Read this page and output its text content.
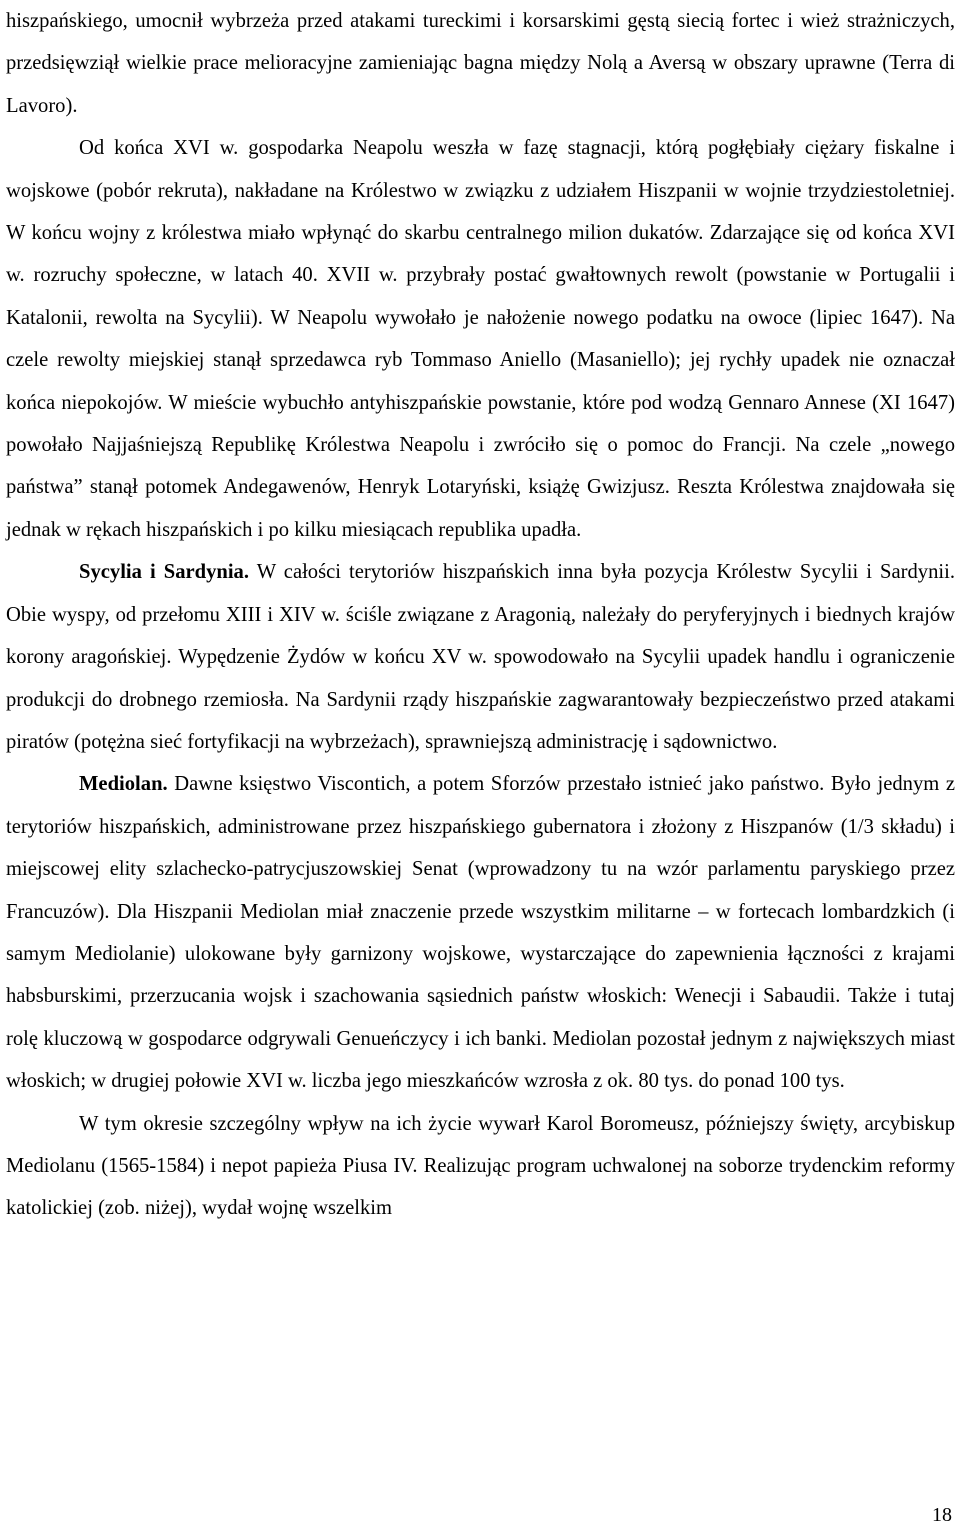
hiszpańskiego, umocnił wybrzeża przed atakami tureckimi i korsarskimi gęstą siecią fortec i wież strażniczych, przedsięwziął wielkie prace melioracyjne zamieniając bagna między Nolą a Aversą w obszary uprawne (Terra di Lavoro).

Od końca XVI w. gospodarka Neapolu weszła w fazę stagnacji, którą pogłębiały ciężary fiskalne i wojskowe (pobór rekruta), nakładane na Królestwo w związku z udziałem Hiszpanii w wojnie trzydziestoletniej. W końcu wojny z królestwa miało wpłynąć do skarbu centralnego milion dukatów. Zdarzające się od końca XVI w. rozruchy społeczne, w latach 40. XVII w. przybrały postać gwałtownych rewolt (powstanie w Portugalii i Katalonii, rewolta na Sycylii). W Neapolu wywołało je nałożenie nowego podatku na owoce (lipiec 1647). Na czele rewolty miejskiej stanął sprzedawca ryb Tommaso Aniello (Masaniello); jej rychły upadek nie oznaczał końca niepokojów. W mieście wybuchło antyhiszpańskie powstanie, które pod wodzą Gennaro Annese (XI 1647) powołało Najjaśniejszą Republikę Królestwa Neapolu i zwróciło się o pomoc do Francji. Na czele „nowego państwa” stanął potomek Andegawenów, Henryk Lotaryński, książę Gwizjusz. Reszta Królestwa znajdowała się jednak w rękach hiszpańskich i po kilku miesiącach republika upadła.

Sycylia i Sardynia. W całości terytoriów hiszpańskich inna była pozycja Królestw Sycylii i Sardynii. Obie wyspy, od przełomu XIII i XIV w. ściśle związane z Aragonią, należały do peryferyjnych i biednych krajów korony aragońskiej. Wypędzenie Żydów w końcu XV w. spowodowało na Sycylii upadek handlu i ograniczenie produkcji do drobnego rzemiosła. Na Sardynii rządy hiszpańskie zagwarantowały bezpieczeństwo przed atakami piratów (potężna sieć fortyfikacji na wybrzeżach), sprawniejszą administrację i sądownictwo.

Mediolan. Dawne księstwo Viscontich, a potem Sforzów przestało istnieć jako państwo. Było jednym z terytoriów hiszpańskich, administrowane przez hiszpańskiego gubernatora i złożony z Hiszpanów (1/3 składu) i miejscowej elity szlachecko-patrycjuszowskiej Senat (wprowadzony tu na wzór parlamentu paryskiego przez Francuzów). Dla Hiszpanii Mediolan miał znaczenie przede wszystkim militarne – w fortecach lombardzkich (i samym Mediolanie) ulokowane były garnizony wojskowe, wystarczające do zapewnienia łączności z krajami habsburskimi, przerzucania wojsk i szachowania sąsiednich państw włoskich: Wenecji i Sabaudii. Także i tutaj rolę kluczową w gospodarce odgrywali Genueńczycy i ich banki. Mediolan pozostał jednym z największych miast włoskich; w drugiej połowie XVI w. liczba jego mieszkańców wzrosła z ok. 80 tys. do ponad 100 tys.

W tym okresie szczególny wpływ na ich życie wywarł Karol Boromeusz, późniejszy święty, arcybiskup Mediolanu (1565-1584) i nepot papieża Piusa IV. Realizując program uchwalonej na soborze trydenckim reformy katolickiej (zob. niżej), wydał wojnę wszelkim

18
